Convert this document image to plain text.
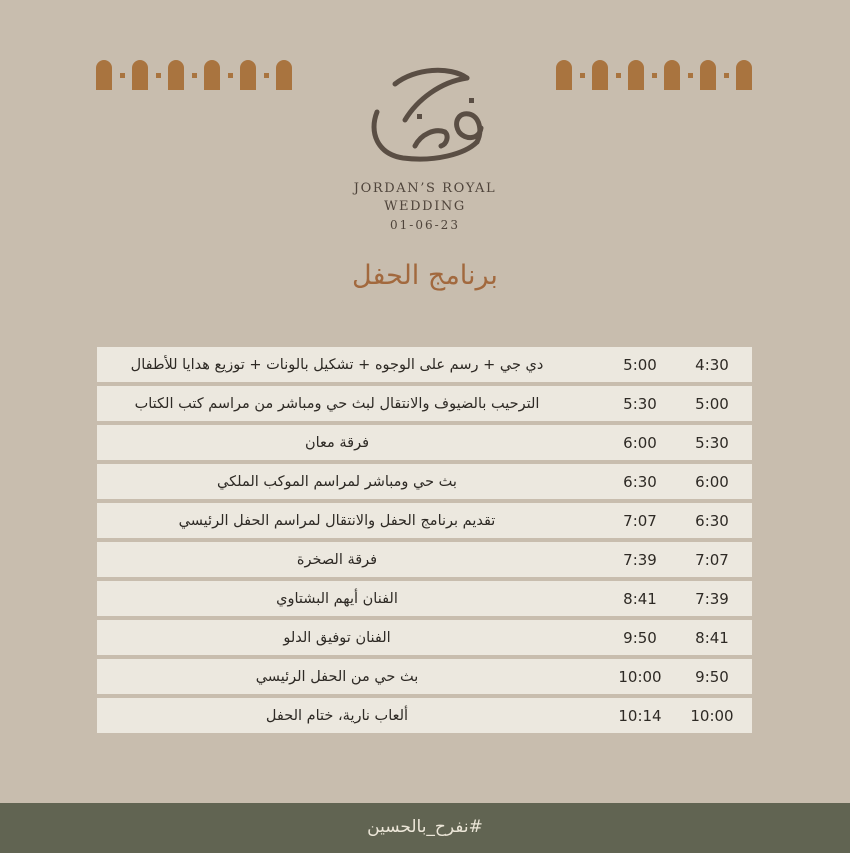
JORDAN’S ROYAL
WEDDING
01-06-23
برنامج الحفل
4:30
5:00
دي جي + رسم على الوجوه + تشكيل بالونات + توزيع هدايا للأطفال
5:00
5:30
الترحيب بالضيوف والانتقال لبث حي ومباشر من مراسم كتب الكتاب
5:30
6:00
فرقة معان
6:00
6:30
بث حي ومباشر لمراسم الموكب الملكي
6:30
7:07
تقديم برنامج الحفل والانتقال لمراسم الحفل الرئيسي
7:07
7:39
فرقة الصخرة
7:39
8:41
الفنان أيهم البشتاوي
8:41
9:50
الفنان توفيق الدلو
9:50
10:00
بث حي من الحفل الرئيسي
10:00
10:14
ألعاب نارية، ختام الحفل
#نفرح_بالحسين
